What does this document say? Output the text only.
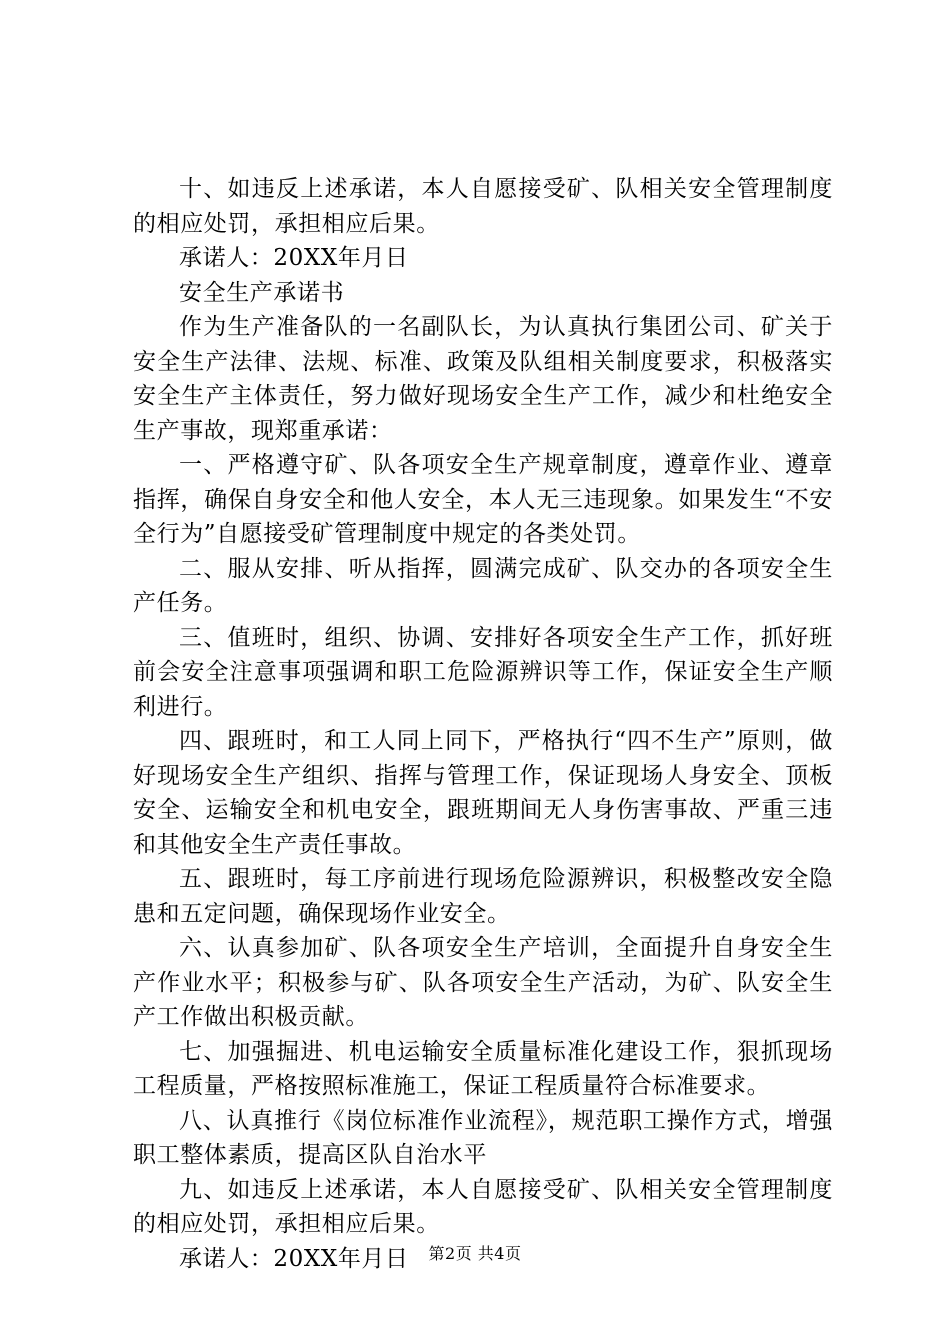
十、如违反上述承诺，本人自愿接受矿、队相关安全管理制度的相应处罚，承担相应后果。

承诺人：20XX年月日

安全生产承诺书

作为生产准备队的一名副队长，为认真执行集团公司、矿关于安全生产法律、法规、标准、政策及队组相关制度要求，积极落实安全生产主体责任，努力做好现场安全生产工作，减少和杜绝安全生产事故，现郑重承诺：

一、严格遵守矿、队各项安全生产规章制度，遵章作业、遵章指挥，确保自身安全和他人安全，本人无三违现象。如果发生“不安全行为”自愿接受矿管理制度中规定的各类处罚。

二、服从安排、听从指挥，圆满完成矿、队交办的各项安全生产任务。

三、值班时，组织、协调、安排好各项安全生产工作，抓好班前会安全注意事项强调和职工危险源辨识等工作，保证安全生产顺利进行。

四、跟班时，和工人同上同下，严格执行“四不生产”原则，做好现场安全生产组织、指挥与管理工作，保证现场人身安全、顶板安全、运输安全和机电安全，跟班期间无人身伤害事故、严重三违和其他安全生产责任事故。

五、跟班时，每工序前进行现场危险源辨识，积极整改安全隐患和五定问题，确保现场作业安全。

六、认真参加矿、队各项安全生产培训，全面提升自身安全生产作业水平；积极参与矿、队各项安全生产活动，为矿、队安全生产工作做出积极贡献。

七、加强掘进、机电运输安全质量标准化建设工作，狠抓现场工程质量，严格按照标准施工，保证工程质量符合标准要求。

八、认真推行《岗位标准作业流程》，规范职工操作方式，增强职工整体素质，提高区队自治水平

九、如违反上述承诺，本人自愿接受矿、队相关安全管理制度的相应处罚，承担相应后果。

承诺人：20XX年月日	第2页 共4页
